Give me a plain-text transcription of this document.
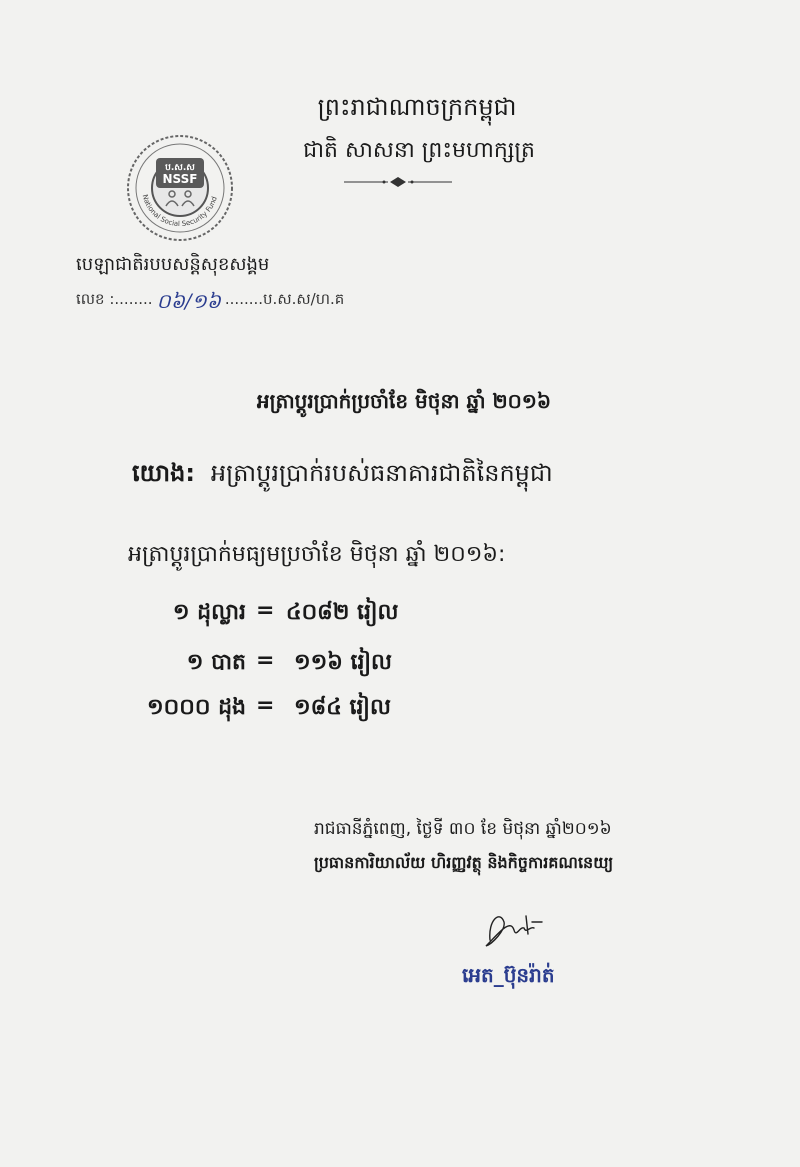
ព្រះរាជាណាចក្រកម្ពុជា
ជាតិ សាសនា ព្រះមហាក្សត្រ
ប.ស.ស
NSSF
National Social Security Fund
បេឡាជាតិរបបសន្តិសុខសង្គម
លេខ :........ ០៦/១៦ ........ប.ស.ស/ហ.គ
អត្រាប្តូរប្រាក់ប្រចាំខែ មិថុនា ឆ្នាំ ២០១៦
យោង: អត្រាប្តូរប្រាក់របស់ធនាគារជាតិនៃកម្ពុជា
អត្រាប្តូរប្រាក់មធ្យមប្រចាំខែ មិថុនា ឆ្នាំ ២០១៦:
១ ដុល្លារ = ៤០៨២ រៀល
១ បាត = ១១៦ រៀល
១០០០ ដុង = ១៨៤ រៀល
រាជធានីភ្នំពេញ, ថ្ងៃទី ៣០ ខែ មិថុនា ឆ្នាំ២០១៦
ប្រធានការិយាល័យ ហិរញ្ញវត្ថុ និងកិច្ចការគណនេយ្យ
អេត_ប៊ុនរ៉ាត់
